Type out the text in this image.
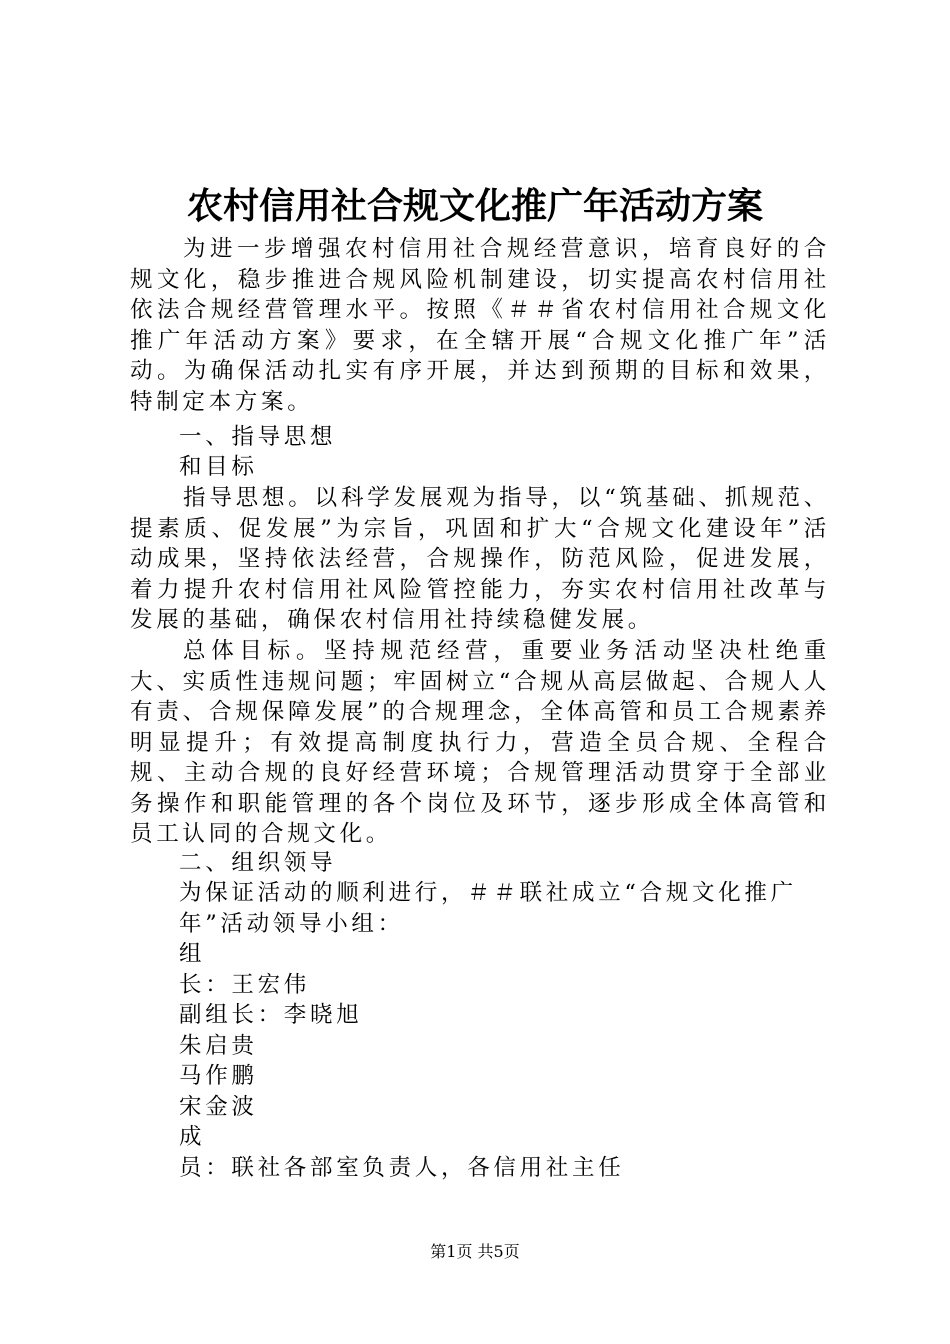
农村信用社合规文化推广年活动方案

为进一步增强农村信用社合规经营意识，培育良好的合规文化，稳步推进合规风险机制建设，切实提高农村信用社依法合规经营管理水平。按照《＃＃省农村信用社合规文化推广年活动方案》要求，在全辖开展“合规文化推广年”活动。为确保活动扎实有序开展，并达到预期的目标和效果，特制定本方案。

一、指导思想
和目标

指导思想。以科学发展观为指导，以“筑基础、抓规范、提素质、促发展”为宗旨，巩固和扩大“合规文化建设年”活动成果，坚持依法经营，合规操作，防范风险，促进发展，着力提升农村信用社风险管控能力，夯实农村信用社改革与发展的基础，确保农村信用社持续稳健发展。

总体目标。坚持规范经营，重要业务活动坚决杜绝重大、实质性违规问题；牢固树立“合规从高层做起、合规人人有责、合规保障发展”的合规理念，全体高管和员工合规素养明显提升；有效提高制度执行力，营造全员合规、全程合规、主动合规的良好经营环境；合规管理活动贯穿于全部业务操作和职能管理的各个岗位及环节，逐步形成全体高管和员工认同的合规文化。

二、组织领导
为保证活动的顺利进行，＃＃联社成立“合规文化推广
年”活动领导小组：
组
长：王宏伟
副组长：李晓旭
朱启贵
马作鹏
宋金波
成
员：联社各部室负责人，各信用社主任
第1页 共5页
